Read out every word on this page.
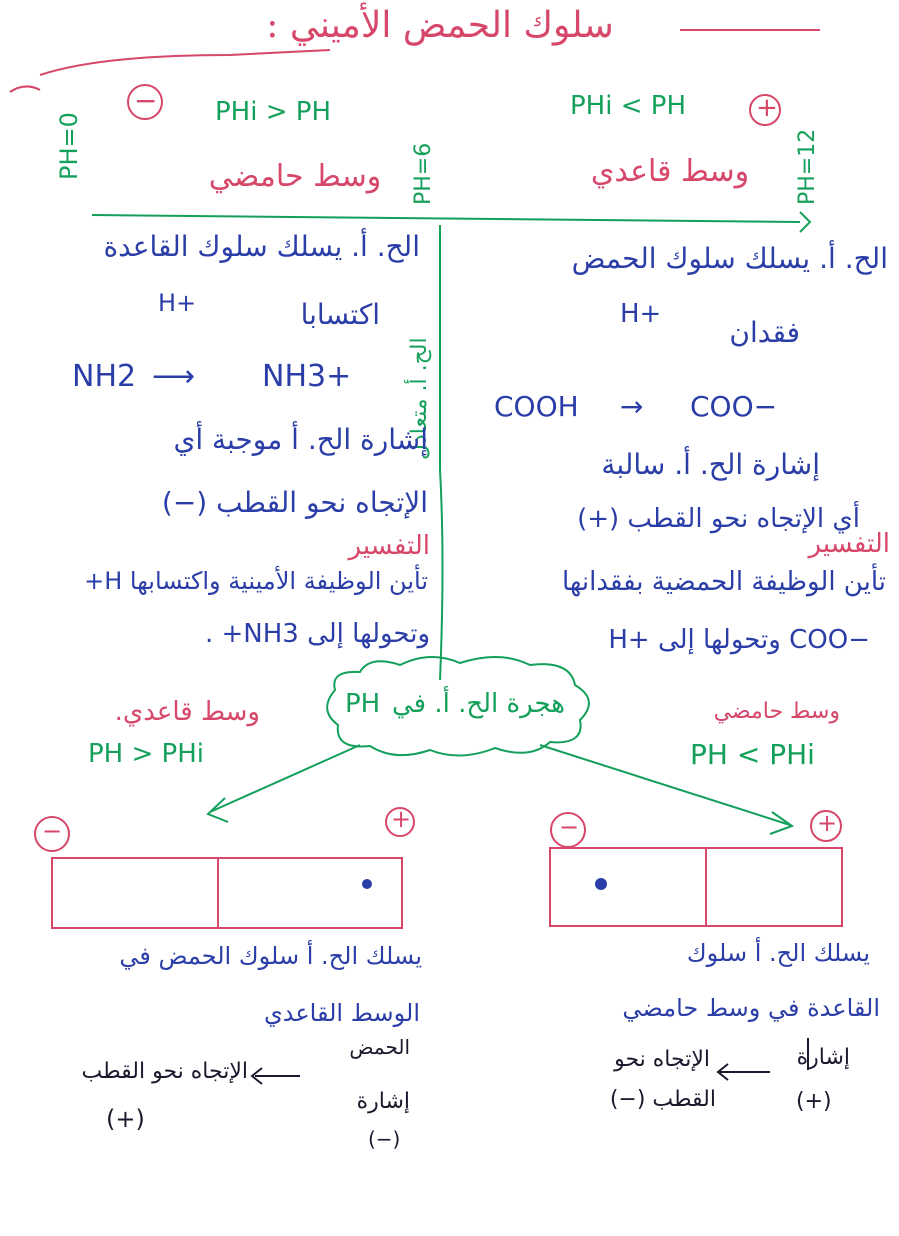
سلوك الحمض الأميني :
PH=0
− PHi > PH
وسط حامضي	PH=6
الح. أ. متعادل
PHi < PH	+
PH=12
وسط قاعدي
الح. أ. يسلك سلوك القاعدة
H+	اكتسابا
NH2 ⟶ NH3+
إشارة الح. أ موجبة أي
الإتجاه نحو القطب (−)
التفسير
تأين الوظيفة الأمينية واكتسابها H+
وتحولها إلى NH3+ .
الح. أ. يسلك سلوك الحمض
H+
فقدان
COOH → COO−
إشارة الح. أ. سالبة
أي الإتجاه نحو القطب (+)
التفسير
تأين الوظيفة الحمضية بفقدانها
H+ وتحولها إلى COO−
PH هجرة الح. أ. في
وسط قاعدي.
PH > PHi
وسط حامضي
PH < PHi
−	+	−	+
يسلك الح. أ سلوك الحمض في
الوسط القاعدي
الإتجاه نحو القطب
(+)
الحمض
إشارة
(−)
يسلك الح. أ سلوك
القاعدة في وسط حامضي
إشارة
الإتجاه نحو
القطب (−)	(+)
